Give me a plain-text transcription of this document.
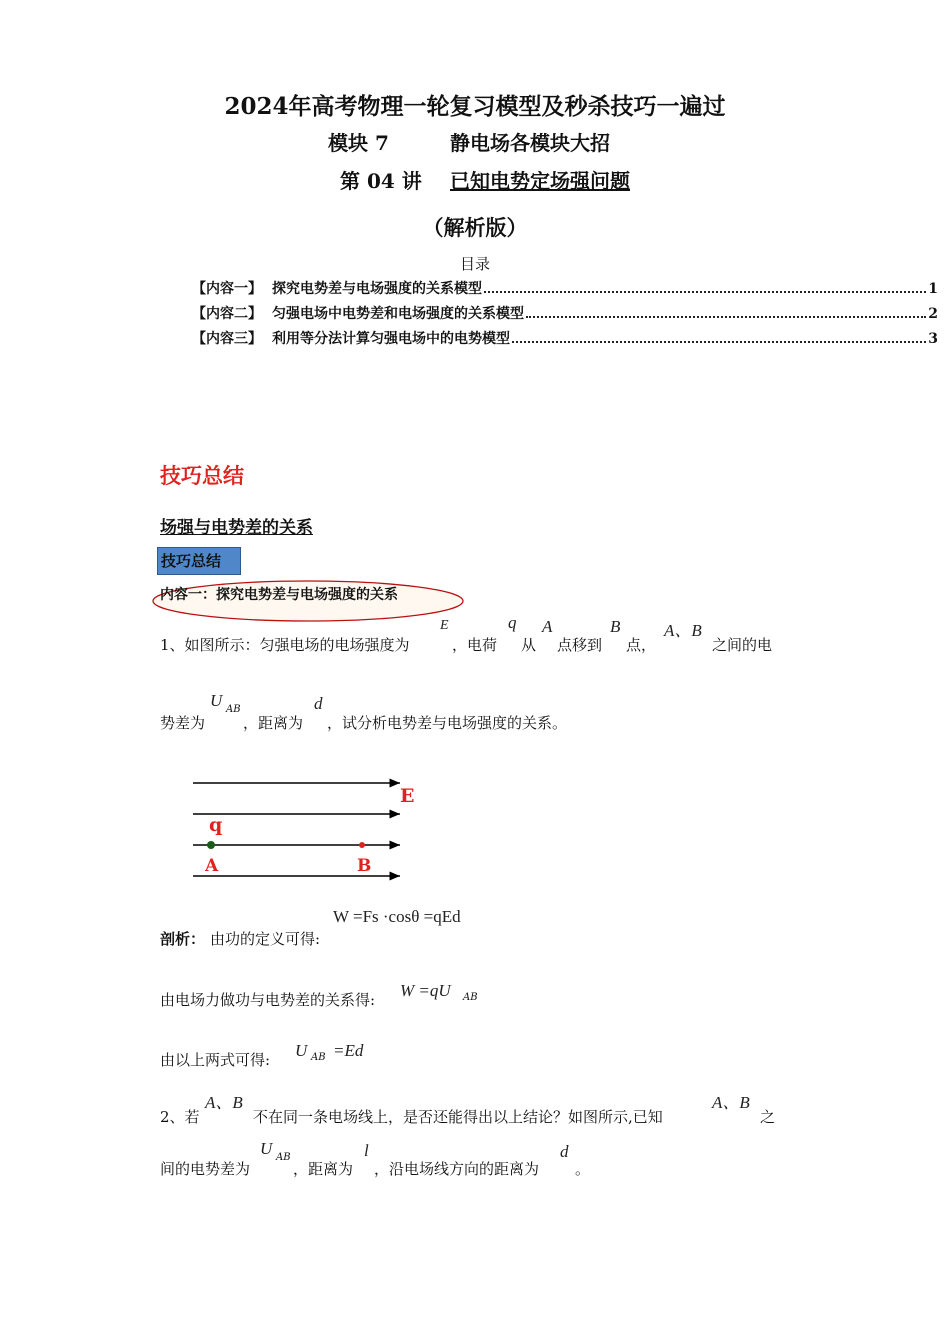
2024年高考物理一轮复习模型及秒杀技巧一遍过
模块 7	静电场各模块大招
第 04 讲 已知电势定场强问题
（解析版）
目录
【内容一】 探究电势差与电场强度的关系模型	1
【内容二】 匀强电场中电势差和电场强度的关系模型	2
【内容三】 利用等分法计算匀强电场中的电势模型	3
技巧总结
场强与电势差的关系
技巧总结
内容一：探究电势差与电场强度的关系
1、如图所示：匀强电场的电场强度为
E
，电荷
q
从
A
点移到
B
点，
A、B
之间的电
势差为
U AB
，距离为
d
，试分析电势差与电场强度的关系。
E
q
A	B
W =Fs ·cosθ =qEd
剖析： 由功的定义可得:
由电场力做功与电势差的关系得: W =qU AB
由以上两式可得: U AB =Ed
2、若
A、B
不在同一条电场线上，是否还能得出以上结论？如图所示,已知
A、B
之
间的电势差为
U AB
，距离为
l
，沿电场线方向的距离为
d
。
